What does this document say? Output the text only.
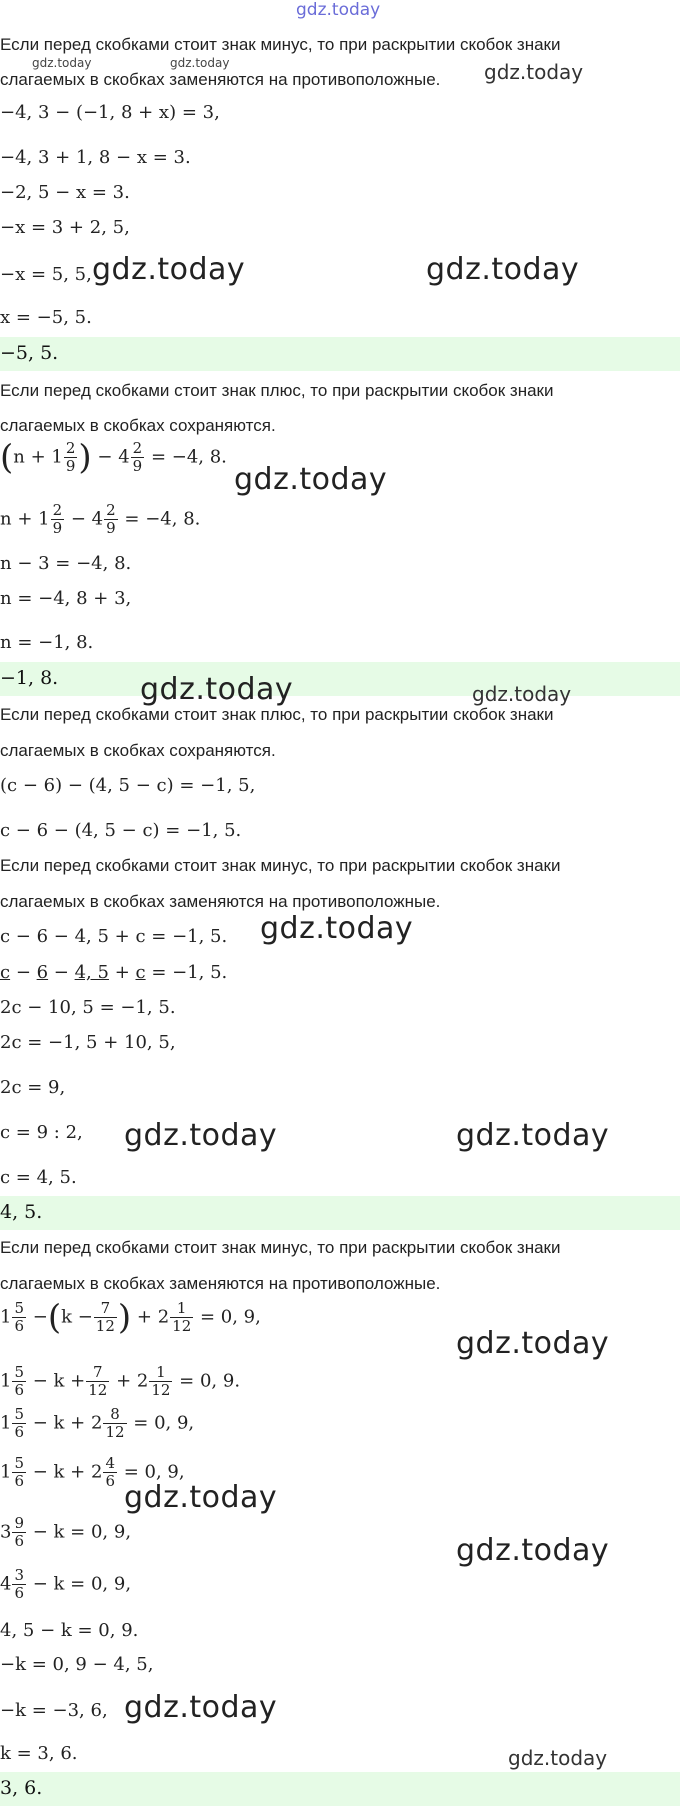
gdz.today
Если перед скобками стоит знак минус, то при раскрытии скобок знаки
gdz.today	gdz.today
слагаемых в скобках заменяются на противоположные. gdz.today
−4, 3 − (−1, 8 + x) = 3,
−4, 3 + 1, 8 − x = 3.
−2, 5 − x = 3.
−x = 3 + 2, 5,
−x = 5, 5, gdz.today	gdz.today
x = −5, 5.
−5, 5.
Если перед скобками стоит знак плюс, то при раскрытии скобок знаки
слагаемых в скобках сохраняются.
($n + 1 \frac{2}{9}$ ) − $4 \frac{2}{9} = -4$, 8.
gdz.today
$n + 1 \frac{2}{9} - 4 \frac{2}{9} = -4$, 8.
n − 3 = −4, 8.
n = −4, 8 + 3,
n = −1, 8.
−1, 8.	gdz.today	gdz.today
Если перед скобками стоит знак плюс, то при раскрытии скобок знаки
слагаемых в скобках сохраняются.
(c − 6) − (4, 5 − c) = −1, 5,
c − 6 − (4, 5 − c) = −1, 5.
Если перед скобками стоит знак минус, то при раскрытии скобок знаки
слагаемых в скобках заменяются на противоположные.
c − 6 − 4, 5 + c = −1, 5. gdz.today
c − 6 − 4, 5 + c = −1, 5.
2c − 10, 5 = −1, 5.
2c = −1, 5 + 10, 5,
2c = 9,
c = 9 : 2, gdz.today	gdz.today
c = 4, 5.
4, 5.
Если перед скобками стоит знак минус, то при раскрытии скобок знаки
слагаемых в скобках заменяются на противоположные.
$1 \frac{5}{6} -(k - \frac{7}{12}$ ) + $2 \frac{1}{12} = 0$, 9,
gdz.today
$1 \frac{5}{6} - k + \frac{7}{12} + 2 \frac{1}{12} = 0$, 9.
$1 \frac{5}{6} - k + 2 \frac{8}{12} = 0$, 9,
$1 \frac{5}{6} - k + 2 \frac{4}{6} = 0$, 9,
gdz.today
$3 \frac{9}{6} - k = 0$, 9,
gdz.today
$4 \frac{3}{6} - k = 0$, 9,
4, 5 − k = 0, 9.
−k = 0, 9 − 4, 5,
−k = −3, 6, gdz.today
k = 3, 6.	gdz.today
3, 6.
